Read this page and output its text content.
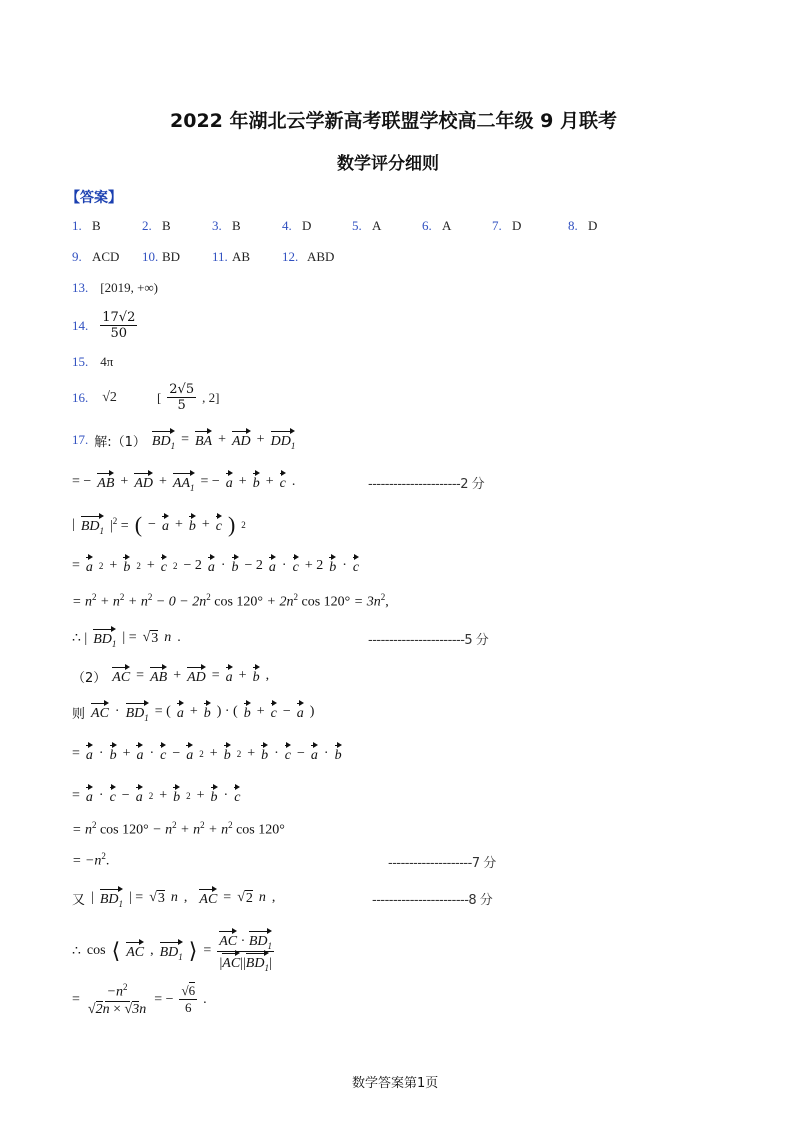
2022 年湖北云学新高考联盟学校高二年级 9 月联考
数学评分细则
【答案】
1. B	2. B	3. B	4. D	5. A	6. A	7. D	8. D
9. ACD 10. BD 11. AB 12. ABD
13. [2019, +∞)
14. $\frac{17√2}{50}$
15. 4π
16. √2	[ $\frac{2√5}{5}$ , 2]
17. 解:（1） $BD_1$ = BA + AD + $DD_1$
= − AB + AD + $AA_1$ = − a + b + c .	----------------------2 分
| $BD_1$ $|^2$ = ( − a + b + c ) 2
= a 2 + b 2 + c 2 − 2 a · b − 2 a · c + 2 b · c
= $n^2 + n^2 + n^2 - 0 - 2n^2$ $\cos 120^\circ + 2n^2$ $\cos 120^\circ = 3n^2$,
∴ | $BD_1$ | = √ 3 n .	-----------------------5 分
（2） AC = AB + AD = a + b ,
则 AC · $BD_1$ = ( a + b ) · ( b + c − a )
= a · b + a · c − a 2 + b 2 + b · c − a · b
= a · c − a 2 + b 2 + b · c
= $n^2$ $\cos 120^\circ - n^2 + n^2 + n^2$ cos 120°
= $-n^2$.	--------------------7 分
又 | $BD_1$ | = √ 3 n , AC = √ 2 n ,	-----------------------8 分
∴ cos ⟨ AC , $BD_1$ ⟩ = $\frac{AC \cdot BD_1}{|AC||BD_1|}$
= $\frac{-n^2}{√2n \times √3n}$ = − $\frac{√6}{6}$ .
数学答案第1页
